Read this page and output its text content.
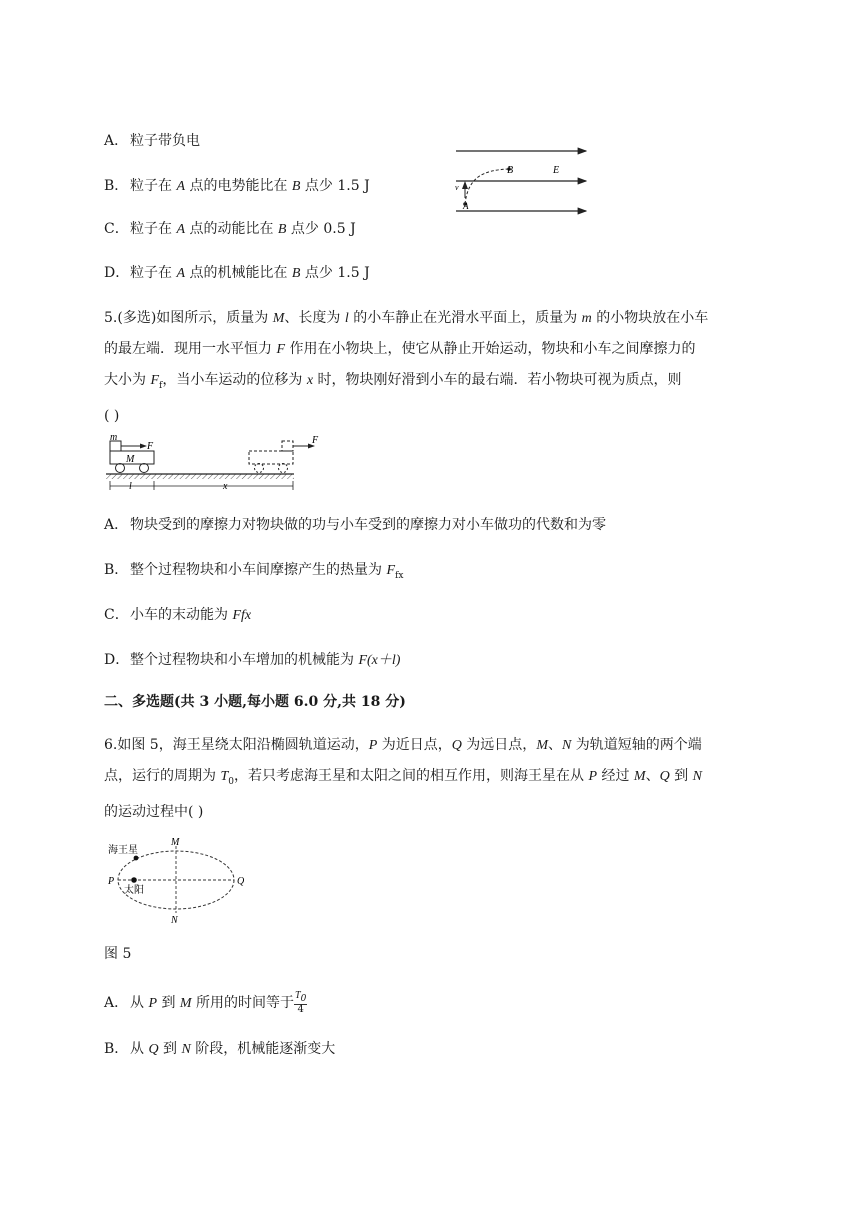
A． 粒子带负电
B． 粒子在 A 点的电势能比在 B 点少 1.5 J
C．粒子在 A 点的动能比在 B 点少 0.5 J
D．粒子在 A 点的机械能比在 B 点少 1.5 J
B	E
A
v
5.(多选)如图所示，质量为 M、长度为 l 的小车静止在光滑水平面上，质量为 m 的小物块放在小车
的最左端．现用一水平恒力 F 作用在小物块上，使它从静止开始运动，物块和小车之间摩擦力的
大小为 $F_f$，当小车运动的位移为 x 时，物块刚好滑到小车的最右端．若小物块可视为质点，则
( )
m
M
F
F
l	x
A． 物块受到的摩擦力对物块做的功与小车受到的摩擦力对小车做功的代数和为零
B． 整个过程物块和小车间摩擦产生的热量为 $F_{fx}$
C．小车的末动能为 Ffx
D．整个过程物块和小车增加的机械能为 F(x＋l)
二、多选题(共 3 小题,每小题 6.0 分,共 18 分)
6.如图 5，海王星绕太阳沿椭圆轨道运动，P 为近日点，Q 为远日点，M、N 为轨道短轴的两个端
点，运行的周期为 $T_0$，若只考虑海王星和太阳之间的相互作用，则海王星在从 P 经过 M、Q 到 N
的运动过程中( )
海王星
太阳
P	Q
M
N
图 5
A． 从 P 到 M 所用的时间等于 $\frac{T_0}{4}$
B． 从 Q 到 N 阶段，机械能逐渐变大
